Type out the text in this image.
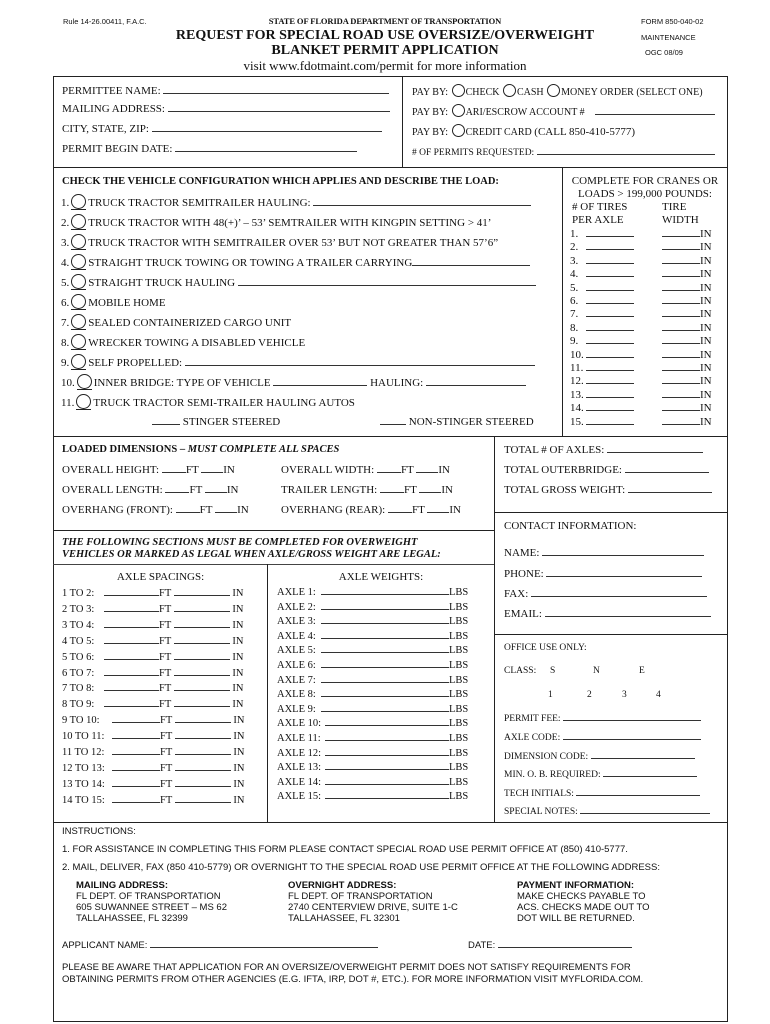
Rule 14-26.00411, F.A.C.	STATE OF FLORIDA DEPARTMENT OF TRANSPORTATION
REQUEST FOR SPECIAL ROAD USE OVERSIZE/OVERWEIGHT
BLANKET PERMIT APPLICATION
visit www.fdotmaint.com/permit for more information
FORM 850-040-02
MAINTENANCE
OGC 08/09
PERMITTEE NAME:
MAILING ADDRESS:
CITY, STATE, ZIP:
PERMIT BEGIN DATE:
PAY BY: CHECK CASH MONEY ORDER (SELECT ONE)
PAY BY: ARI/ESCROW ACCOUNT #
PAY BY: CREDIT CARD (CALL 850-410-5777)
# OF PERMITS REQUESTED:
CHECK THE VEHICLE CONFIGURATION WHICH APPLIES AND DESCRIBE THE LOAD:
1. TRUCK TRACTOR SEMITRAILER HAULING:
2. TRUCK TRACTOR WITH 48(+)’ – 53’ SEMTRAILER WITH KINGPIN SETTING > 41’
3. TRUCK TRACTOR WITH SEMITRAILER OVER 53’ BUT NOT GREATER THAN 57’6”
4. STRAIGHT TRUCK TOWING OR TOWING A TRAILER CARRYING
5. STRAIGHT TRUCK HAULING
6. MOBILE HOME
7. SEALED CONTAINERIZED CARGO UNIT
8. WRECKER TOWING A DISABLED VEHICLE
9. SELF PROPELLED:
10. INNER BRIDGE: TYPE OF VEHICLE	HAULING:
11. TRUCK TRACTOR SEMI-TRAILER HAULING AUTOS
STINGER STEERED	NON-STINGER STEERED
COMPLETE FOR CRANES OR
LOADS > 199,000 POUNDS:
# OF TIRES
PER AXLE
TIRE
WIDTH
1.	IN
2.	IN
3.	IN
4.	IN
5.	IN
6.	IN
7.	IN
8.	IN
9.	IN
10.	IN
11.	IN
12.	IN
13.	IN
14.	IN
15.	IN
LOADED DIMENSIONS – MUST COMPLETE ALL SPACES
OVERALL HEIGHT: FT IN	OVERALL WIDTH: FT IN
OVERALL LENGTH: FT IN	TRAILER LENGTH: FT IN
OVERHANG (FRONT): FT IN	OVERHANG (REAR): FT IN
TOTAL # OF AXLES:
TOTAL OUTERBRIDGE:
TOTAL GROSS WEIGHT:
THE FOLLOWING SECTIONS MUST BE COMPLETED FOR OVERWEIGHT
VEHICLES OR MARKED AS LEGAL WHEN AXLE/GROSS WEIGHT ARE LEGAL:
CONTACT INFORMATION:
NAME:
PHONE:
FAX:
EMAIL:
OFFICE USE ONLY:
CLASS: S	N	E
1	2	3	4
PERMIT FEE:
AXLE CODE:
DIMENSION CODE:
MIN. O. B. REQUIRED:
TECH INITIALS:
SPECIAL NOTES:
AXLE SPACINGS:
1 TO 2:	FT	IN
2 TO 3:	FT	IN
3 TO 4:	FT	IN
4 TO 5:	FT	IN
5 TO 6:	FT	IN
6 TO 7:	FT	IN
7 TO 8:	FT	IN
8 TO 9:	FT	IN
9 TO 10:	FT	IN
10 TO 11:	FT	IN
11 TO 12:	FT	IN
12 TO 13:	FT	IN
13 TO 14:	FT	IN
14 TO 15:	FT	IN
AXLE WEIGHTS:
AXLE 1:	LBS
AXLE 2:	LBS
AXLE 3:	LBS
AXLE 4:	LBS
AXLE 5:	LBS
AXLE 6:	LBS
AXLE 7:	LBS
AXLE 8:	LBS
AXLE 9:	LBS
AXLE 10:	LBS
AXLE 11:	LBS
AXLE 12:	LBS
AXLE 13:	LBS
AXLE 14:	LBS
AXLE 15:	LBS
INSTRUCTIONS:
1. FOR ASSISTANCE IN COMPLETING THIS FORM PLEASE CONTACT SPECIAL ROAD USE PERMIT OFFICE AT (850) 410-5777.
2. MAIL, DELIVER, FAX (850 410-5779) OR OVERNIGHT TO THE SPECIAL ROAD USE PERMIT OFFICE AT THE FOLLOWING ADDRESS:
MAILING ADDRESS:
FL DEPT. OF TRANSPORTATION
605 SUWANNEE STREET – MS 62
TALLAHASSEE, FL 32399
OVERNIGHT ADDRESS:
FL DEPT. OF TRANSPORTATION
2740 CENTERVIEW DRIVE, SUITE 1-C
TALLAHASSEE, FL 32301
PAYMENT INFORMATION:
MAKE CHECKS PAYABLE TO
ACS. CHECKS MADE OUT TO
DOT WILL BE RETURNED.
APPLICANT NAME:	DATE:
PLEASE BE AWARE THAT APPLICATION FOR AN OVERSIZE/OVERWEIGHT PERMIT DOES NOT SATISFY REQUIREMENTS FOR
OBTAINING PERMITS FROM OTHER AGENCIES (E.G. IFTA, IRP, DOT #, ETC.). FOR MORE INFORMATION VISIT MYFLORIDA.COM.
